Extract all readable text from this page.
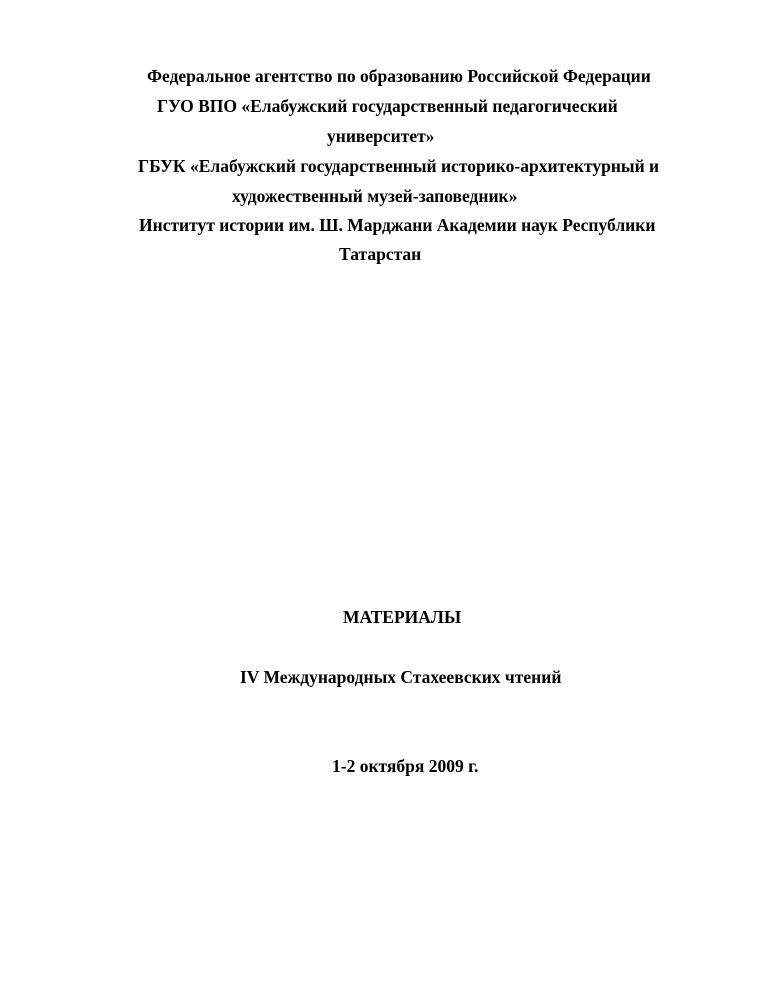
Федеральное агентство по образованию Российской Федерации
ГУО ВПО «Елабужский государственный педагогический
университет»
ГБУК «Елабужский государственный историко-архитектурный и
художественный музей-заповедник»
Институт истории им. Ш. Марджани Академии наук Республики
Татарстан
МАТЕРИАЛЫ
IV Международных Стахеевских чтений
1-2 октября 2009 г.
